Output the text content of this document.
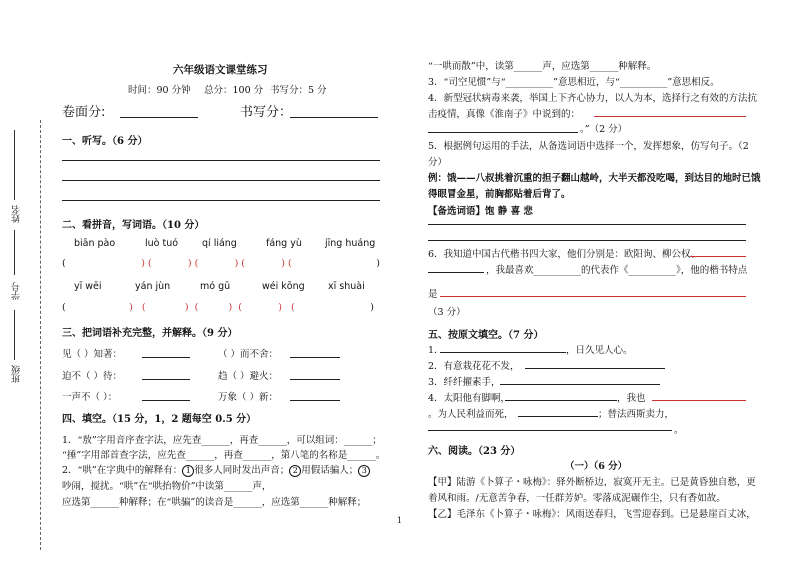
姓名
学号
班级
六年级语文课堂练习
时间：90 分钟 总分：100 分 书写分：5 分
卷面分:	书写分：
一、听写。（6 分）
二、看拼音，写词语。（10 分）
biān pào	luò tuó	qí liáng	fáng yù jīng huáng
(                         ) (	) (	) (	) (                            )
yī wēi	yán jùn	mó gū	wéi kōng xī shuài
(                     )   (	)  (	)  (	)   (                         )
三、把词语补充完整，并解释。（9 分）
见（ ）知著：	（ ）而不舍：
迫不（ ）待：	趋（ ）避火：
一声不（ ）：	万象（ ）新：
四、填空。（15 分，1，2 题每空 0.5 分）
1．“敖”字用音序查字法，应先查______，再查______，可以组词：______；
“捶”字用部首查字法，应先查______，再查______，第八笔的名称是______。
2．“哄”在字典中的解释有： 1 很多人同时发出声音； 2 用假话骗人； 3
吵闹，搅扰。“哄”在“哄抬物价”中读第______声，
应选第______种解释；在“哄骗”的读音是______，应选第______种解释；
“一哄而散”中，读第______声，应选第______种解释。
3．“司空见惯”与“__________”意思相近，与“__________”意思相反。
4．新型冠状病毒来袭，举国上下齐心协力，以人为本，选择行之有效的方法抗
击疫情，真像《淮南子》中说到的：
。”（2 分）
5．根据例句运用的手法，从备选词语中选择一个，发挥想象，仿写句子。（2
分）
例：饿——八叔挑着沉重的担子翻山越岭，大半天都没吃喝，到达目的地时已饿
得眼冒金星，前胸都贴着后背了。
【备选词语】饱 静 喜 悲
6．我知道中国古代楷书四大家，他们分别是：欧阳询、柳公权、
，我最喜欢__________的代表作《__________》，他的楷书特点
是
（3 分）
五、按原文填空。（7 分）
1．	，日久见人心。
2．有意栽花花不发，
3．纤纤擢素手，
4．太阳他有脚啊，	，我也
。为人民利益而死，	；替法西斯卖力，
。
六、阅读。（23 分）
（一）（6 分）
【甲】陆游《卜算子・咏梅》：驿外断桥边，寂寞开无主。已是黄昏独自愁，更
着风和雨。/无意苦争春，一任群芳妒。零落成泥碾作尘，只有香如故。
【乙】毛泽东《卜算子・咏梅》：风雨送春归，飞雪迎春到。已是悬崖百丈冰，
1
